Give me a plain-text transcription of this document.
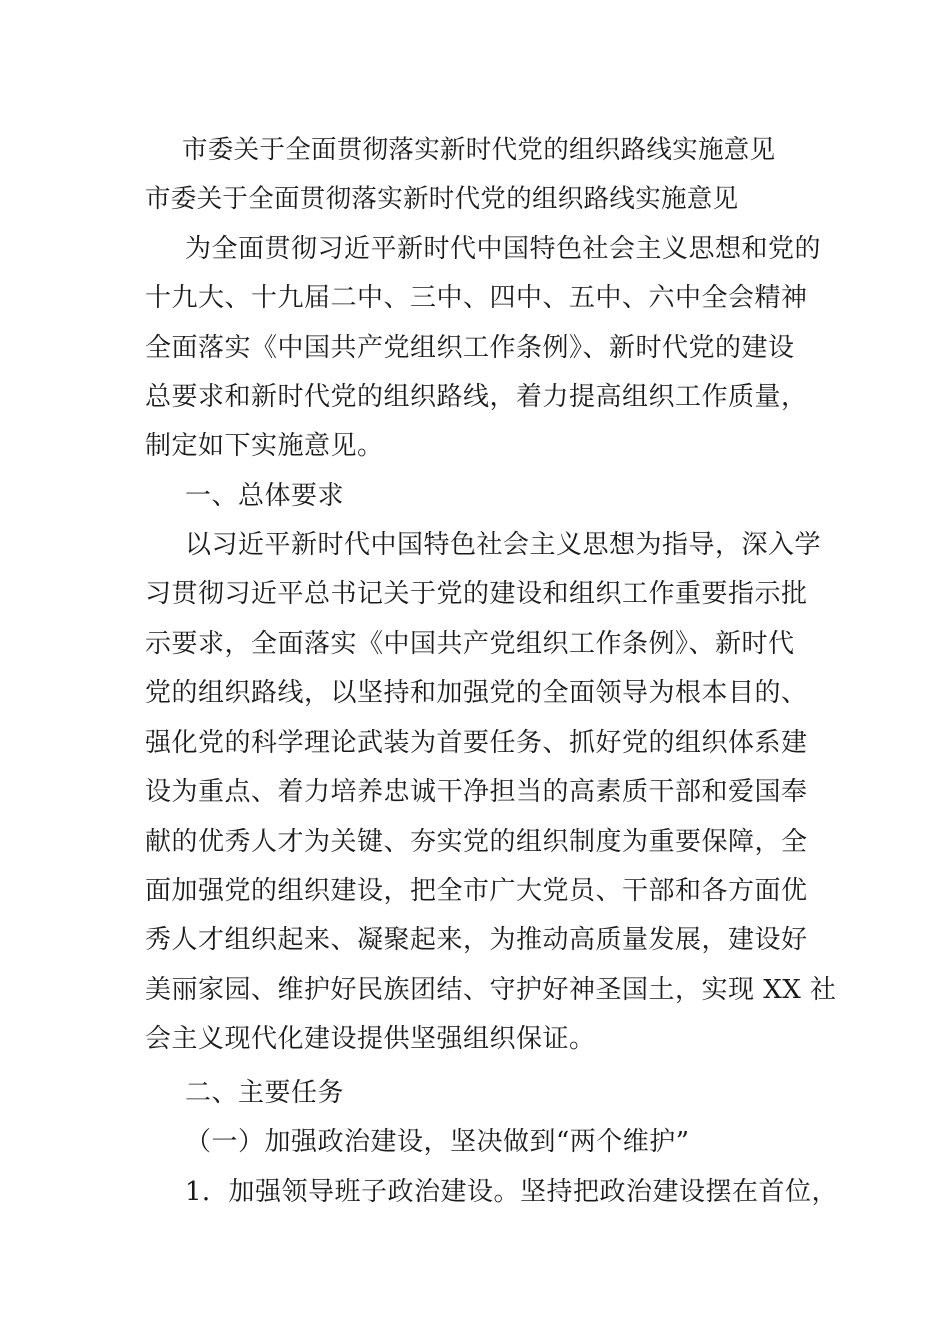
市委关于全面贯彻落实新时代党的组织路线实施意见
市委关于全面贯彻落实新时代党的组织路线实施意见
为全面贯彻习近平新时代中国特色社会主义思想和党的
十九大、十九届二中、三中、四中、五中、六中全会精神
全面落实《中国共产党组织工作条例》、新时代党的建设
总要求和新时代党的组织路线，着力提高组织工作质量，
制定如下实施意见。
一、总体要求
以习近平新时代中国特色社会主义思想为指导，深入学
习贯彻习近平总书记关于党的建设和组织工作重要指示批
示要求，全面落实《中国共产党组织工作条例》、新时代
党的组织路线，以坚持和加强党的全面领导为根本目的、
强化党的科学理论武装为首要任务、抓好党的组织体系建
设为重点、着力培养忠诚干净担当的高素质干部和爱国奉
献的优秀人才为关键、夯实党的组织制度为重要保障，全
面加强党的组织建设，把全市广大党员、干部和各方面优
秀人才组织起来、凝聚起来，为推动高质量发展，建设好
美丽家园、维护好民族团结、守护好神圣国土，实现 XX 社
会主义现代化建设提供坚强组织保证。
二、主要任务
（一）加强政治建设，坚决做到“两个维护”
1．加强领导班子政治建设。坚持把政治建设摆在首位，
